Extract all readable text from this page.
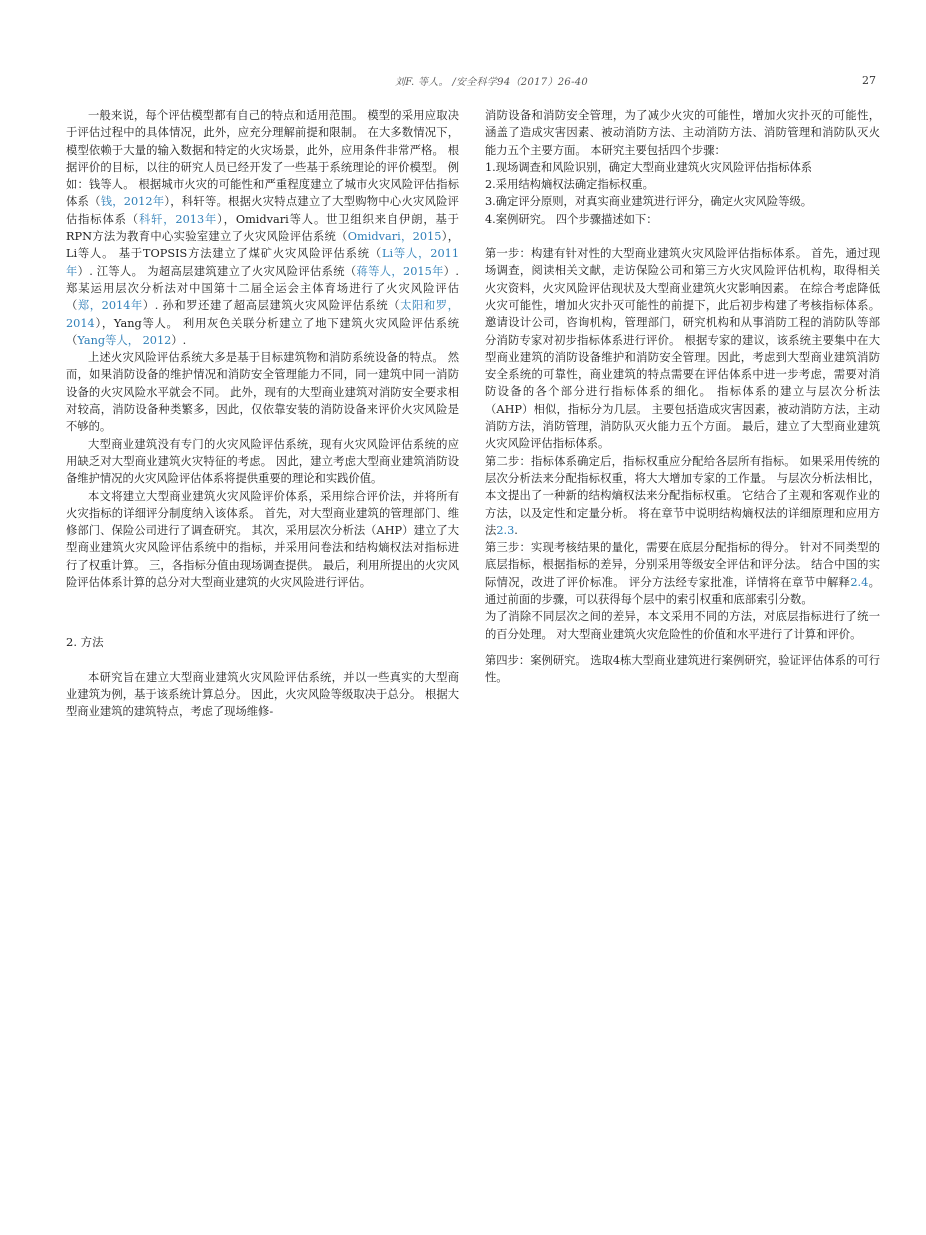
刘F. 等人。 /安全科学94（2017）26-40	27

一般来说，每个评估模型都有自己的特点和适用范围。 模型的采用应取决于评估过程中的具体情况，此外，应充分理解前提和限制。 在大多数情况下，模型依赖于大量的输入数据和特定的火灾场景，此外，应用条件非常严格。 根据评价的目标，以往的研究人员已经开发了一些基于系统理论的评价模型。 例如：钱等人。 根据城市火灾的可能性和严重程度建立了城市火灾风险评估指标体系（钱，2012年），科轩等。根据火灾特点建立了大型购物中心火灾风险评估指标体系（科轩，2013年），Omidvari等人。世卫组织来自伊朗，基于RPN方法为教育中心实验室建立了火灾风险评估系统（Omidvari，2015），Li等人。 基于TOPSIS方法建立了煤矿火灾风险评估系统（Li等人，2011年）. 江等人。 为超高层建筑建立了火灾风险评估系统（蒋等人，2015年）. 郑某运用层次分析法对中国第十二届全运会主体育场进行了火灾风险评估（郑，2014年）. 孙和罗还建了超高层建筑火灾风险评估系统（太阳和罗， 2014），Yang等人。 利用灰色关联分析建立了地下建筑火灾风险评估系统（Yang等人， 2012）.

上述火灾风险评估系统大多是基于目标建筑物和消防系统设备的特点。 然而，如果消防设备的维护情况和消防安全管理能力不同，同一建筑中同一消防设备的火灾风险水平就会不同。 此外，现有的大型商业建筑对消防安全要求相对较高，消防设备种类繁多，因此，仅依靠安装的消防设备来评价火灾风险是不够的。

大型商业建筑没有专门的火灾风险评估系统，现有火灾风险评估系统的应用缺乏对大型商业建筑火灾特征的考虑。 因此，建立考虑大型商业建筑消防设备维护情况的火灾风险评估体系将提供重要的理论和实践价值。

本文将建立大型商业建筑火灾风险评价体系，采用综合评价法，并将所有火灾指标的详细评分制度纳入该体系。 首先，对大型商业建筑的管理部门、维修部门、保险公司进行了调查研究。 其次，采用层次分析法（AHP）建立了大型商业建筑火灾风险评估系统中的指标，并采用问卷法和结构熵权法对指标进行了权重计算。 三，各指标分值由现场调查提供。 最后，利用所提出的火灾风险评估体系计算的总分对大型商业建筑的火灾风险进行评估。

2. 方法

本研究旨在建立大型商业建筑火灾风险评估系统，并以一些真实的大型商业建筑为例，基于该系统计算总分。 因此，火灾风险等级取决于总分。 根据大型商业建筑的建筑特点，考虑了现场维修-

消防设备和消防安全管理，为了减少火灾的可能性，增加火灾扑灭的可能性，涵盖了造成灾害因素、被动消防方法、主动消防方法、消防管理和消防队灭火能力五个主要方面。 本研究主要包括四个步骤：

1.现场调查和风险识别，确定大型商业建筑火灾风险评估指标体系

2.采用结构熵权法确定指标权重。

3.确定评分原则，对真实商业建筑进行评分，确定火灾风险等级。

4.案例研究。 四个步骤描述如下：

第一步：构建有针对性的大型商业建筑火灾风险评估指标体系。 首先，通过现场调查，阅读相关文献，走访保险公司和第三方火灾风险评估机构，取得相关火灾资料，火灾风险评估现状及大型商业建筑火灾影响因素。 在综合考虑降低火灾可能性，增加火灾扑灭可能性的前提下，此后初步构建了考核指标体系。 邀请设计公司，咨询机构，管理部门，研究机构和从事消防工程的消防队等部分消防专家对初步指标体系进行评价。 根据专家的建议，该系统主要集中在大型商业建筑的消防设备维护和消防安全管理。因此，考虑到大型商业建筑消防安全系统的可靠性，商业建筑的特点需要在评估体系中进一步考虑，需要对消防设备的各个部分进行指标体系的细化。 指标体系的建立与层次分析法（AHP）相似，指标分为几层。 主要包括造成灾害因素，被动消防方法，主动消防方法，消防管理，消防队灭火能力五个方面。 最后，建立了大型商业建筑火灾风险评估指标体系。

第二步：指标体系确定后，指标权重应分配给各层所有指标。 如果采用传统的层次分析法来分配指标权重，将大大增加专家的工作量。 与层次分析法相比，本文提出了一种新的结构熵权法来分配指标权重。 它结合了主观和客观作业的方法，以及定性和定量分析。 将在章节中说明结构熵权法的详细原理和应用方法2.3.

第三步：实现考核结果的量化，需要在底层分配指标的得分。 针对不同类型的底层指标，根据指标的差异，分别采用等级安全评估和评分法。 结合中国的实际情况，改进了评价标准。 评分方法经专家批准，详情将在章节中解释2.4。 通过前面的步骤，可以获得每个层中的索引权重和底部索引分数。

为了消除不同层次之间的差异，本文采用不同的方法，对底层指标进行了统一的百分处理。 对大型商业建筑火灾危险性的价值和水平进行了计算和评价。

第四步：案例研究。 选取4栋大型商业建筑进行案例研究，验证评估体系的可行性。
